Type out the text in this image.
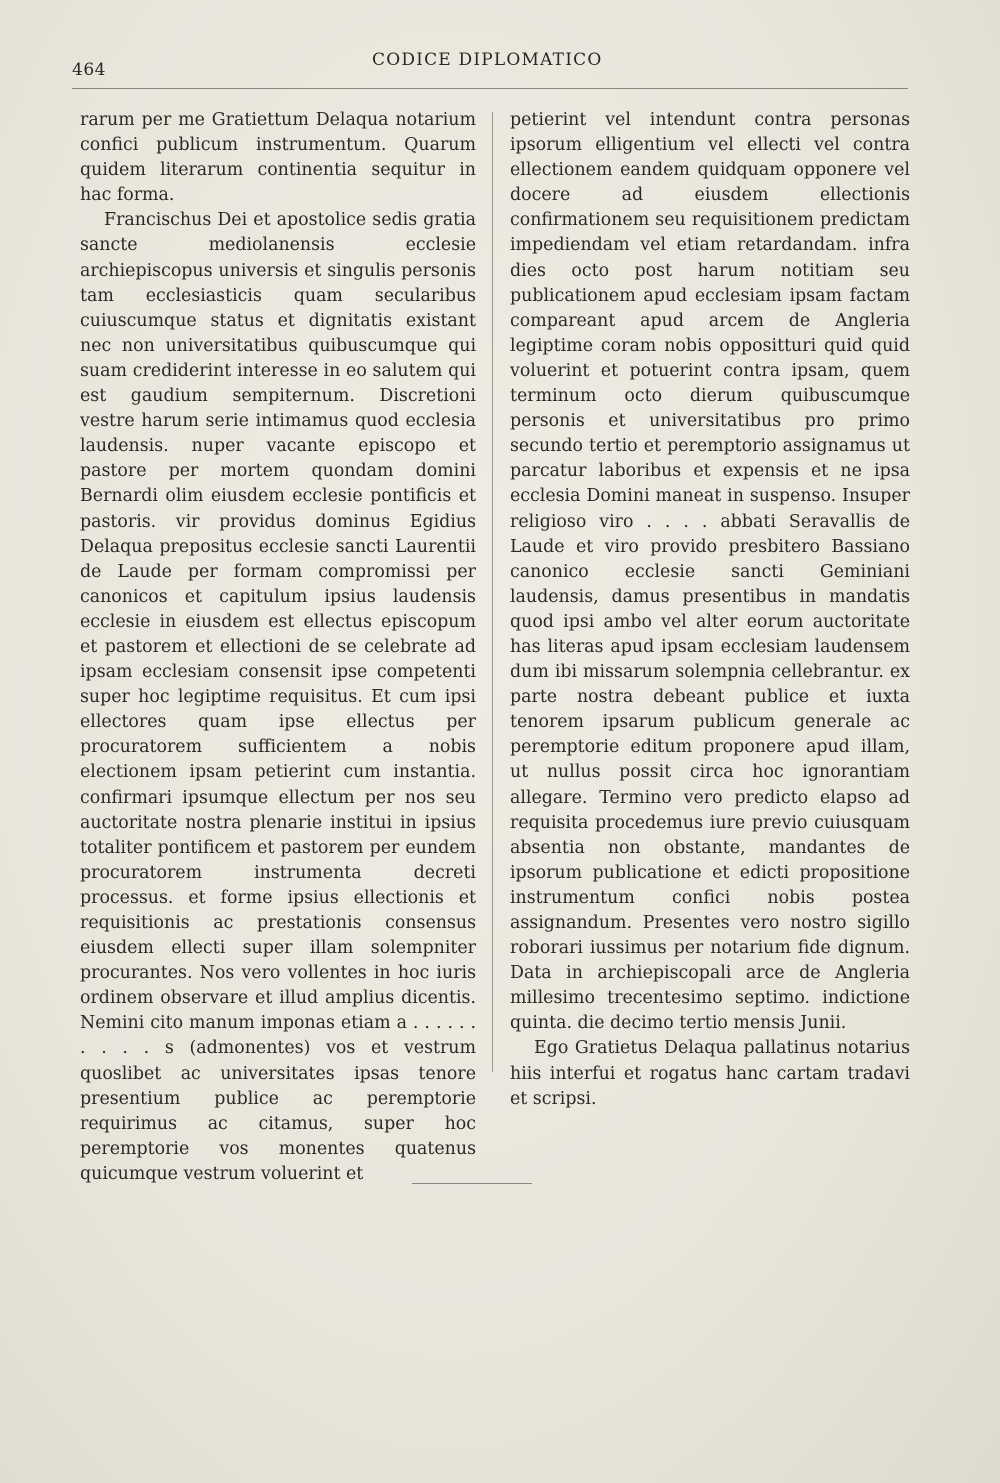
464	CODICE DIPLOMATICO

rarum per me Gratiettum Delaqua notarium confici publicum instrumentum. Quarum quidem literarum continentia sequitur in hac forma.

Francischus Dei et apostolice sedis gratia sancte mediolanensis ecclesie archiepiscopus universis et singulis personis tam ecclesiasticis quam secularibus cuiuscumque status et dignitatis existant nec non universitatibus quibuscumque qui suam crediderint interesse in eo salutem qui est gaudium sempiternum. Discretioni vestre harum serie intimamus quod ecclesia laudensis. nuper vacante episcopo et pastore per mortem quondam domini Bernardi olim eiusdem ecclesie pontificis et pastoris. vir providus dominus Egidius Delaqua prepositus ecclesie sancti Laurentii de Laude per formam compromissi per canonicos et capitulum ipsius laudensis ecclesie in eiusdem est ellectus episcopum et pastorem et ellectioni de se celebrate ad ipsam ecclesiam consensit ipse competenti super hoc legiptime requisitus. Et cum ipsi ellectores quam ipse ellectus per procuratorem sufficientem a nobis electionem ipsam petierint cum instantia. confirmari ipsumque ellectum per nos seu auctoritate nostra plenarie institui in ipsius totaliter pontificem et pastorem per eundem procuratorem instrumenta decreti processus. et forme ipsius ellectionis et requisitionis ac prestationis consensus eiusdem ellecti super illam solempniter procurantes. Nos vero vollentes in hoc iuris ordinem observare et illud amplius dicentis. Nemini cito manum imponas etiam a . . . . . . . . . . s (admonentes) vos et vestrum quoslibet ac universitates ipsas tenore presentium publice ac peremptorie requirimus ac citamus, super hoc peremptorie vos monentes quatenus quicumque vestrum voluerint et

petierint vel intendunt contra personas ipsorum elligentium vel ellecti vel contra ellectionem eandem quidquam opponere vel docere ad eiusdem ellectionis confirmationem seu requisitionem predictam impediendam vel etiam retardandam. infra dies octo post harum notitiam seu publicationem apud ecclesiam ipsam factam compareant apud arcem de Angleria legiptime coram nobis oppositturi quid quid voluerint et potuerint contra ipsam, quem terminum octo dierum quibuscumque personis et universitatibus pro primo secundo tertio et peremptorio assignamus ut parcatur laboribus et expensis et ne ipsa ecclesia Domini maneat in suspenso. Insuper religioso viro . . . . abbati Seravallis de Laude et viro provido presbitero Bassiano canonico ecclesie sancti Geminiani laudensis, damus presentibus in mandatis quod ipsi ambo vel alter eorum auctoritate has literas apud ipsam ecclesiam laudensem dum ibi missarum solempnia cellebrantur. ex parte nostra debeant publice et iuxta tenorem ipsarum publicum generale ac peremptorie editum proponere apud illam, ut nullus possit circa hoc ignorantiam allegare. Termino vero predicto elapso ad requisita procedemus iure previo cuiusquam absentia non obstante, mandantes de ipsorum publicatione et edicti propositione instrumentum confici nobis postea assignandum. Presentes vero nostro sigillo roborari iussimus per notarium fide dignum. Data in archiepiscopali arce de Angleria millesimo trecentesimo septimo. indictione quinta. die decimo tertio mensis Junii.

Ego Gratietus Delaqua pallatinus notarius hiis interfui et rogatus hanc cartam tradavi et scripsi.
